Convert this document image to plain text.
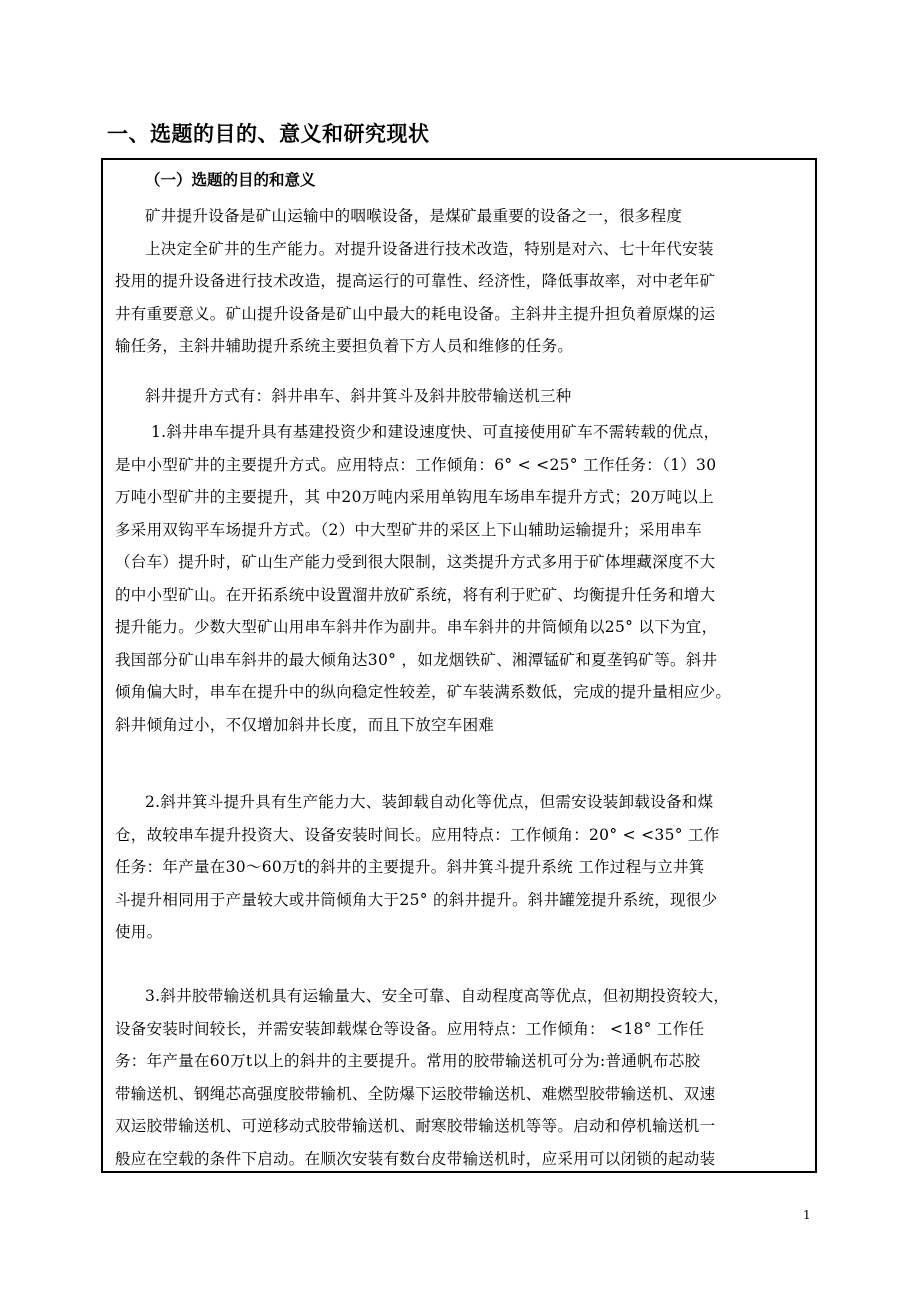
一、选题的目的、意义和研究现状
（一）选题的目的和意义
矿井提升设备是矿山运输中的咽喉设备，是煤矿最重要的设备之一，很多程度
上决定全矿井的生产能力。对提升设备进行技术改造，特别是对六、七十年代安装
投用的提升设备进行技术改造，提高运行的可靠性、经济性，降低事故率，对中老年矿
井有重要意义。矿山提升设备是矿山中最大的耗电设备。主斜井主提升担负着原煤的运
输任务，主斜井辅助提升系统主要担负着下方人员和维修的任务。
斜井提升方式有：斜井串车、斜井箕斗及斜井胶带输送机三种
1.斜井串车提升具有基建投资少和建设速度快、可直接使用矿车不需转载的优点，
是中小型矿井的主要提升方式。应用特点：工作倾角：6° < <25° 工作任务：（1）30
万吨小型矿井的主要提升，其 中20万吨内采用单钩甩车场串车提升方式；20万吨以上
多采用双钩平车场提升方式。（2）中大型矿井的采区上下山辅助运输提升；采用串车
（台车）提升时，矿山生产能力受到很大限制，这类提升方式多用于矿体埋藏深度不大
的中小型矿山。在开拓系统中设置溜井放矿系统，将有利于贮矿、均衡提升任务和增大
提升能力。少数大型矿山用串车斜井作为副井。串车斜井的井筒倾角以25° 以下为宜，
我国部分矿山串车斜井的最大倾角达30° ，如龙烟铁矿、湘潭锰矿和夏垄钨矿等。斜井
倾角偏大时，串车在提升中的纵向稳定性较差，矿车装满系数低，完成的提升量相应少。
斜井倾角过小，不仅增加斜井长度，而且下放空车困难
2.斜井箕斗提升具有生产能力大、装卸载自动化等优点，但需安设装卸载设备和煤
仓，故较串车提升投资大、设备安装时间长。应用特点：工作倾角：20° < <35° 工作
任务：年产量在30～60万t的斜井的主要提升。斜井箕斗提升系统 工作过程与立井箕
斗提升相同用于产量较大或井筒倾角大于25° 的斜井提升。斜井罐笼提升系统，现很少
使用。
3.斜井胶带输送机具有运输量大、安全可靠、自动程度高等优点，但初期投资较大，
设备安装时间较长，并需安装卸载煤仓等设备。应用特点：工作倾角： <18° 工作任
务：年产量在60万t以上的斜井的主要提升。常用的胶带输送机可分为:普通帆布芯胶
带输送机、钢绳芯高强度胶带输机、全防爆下运胶带输送机、难燃型胶带输送机、双速
双运胶带输送机、可逆移动式胶带输送机、耐寒胶带输送机等等。启动和停机输送机一
般应在空载的条件下启动。在顺次安装有数台皮带输送机时，应采用可以闭锁的起动装
1
